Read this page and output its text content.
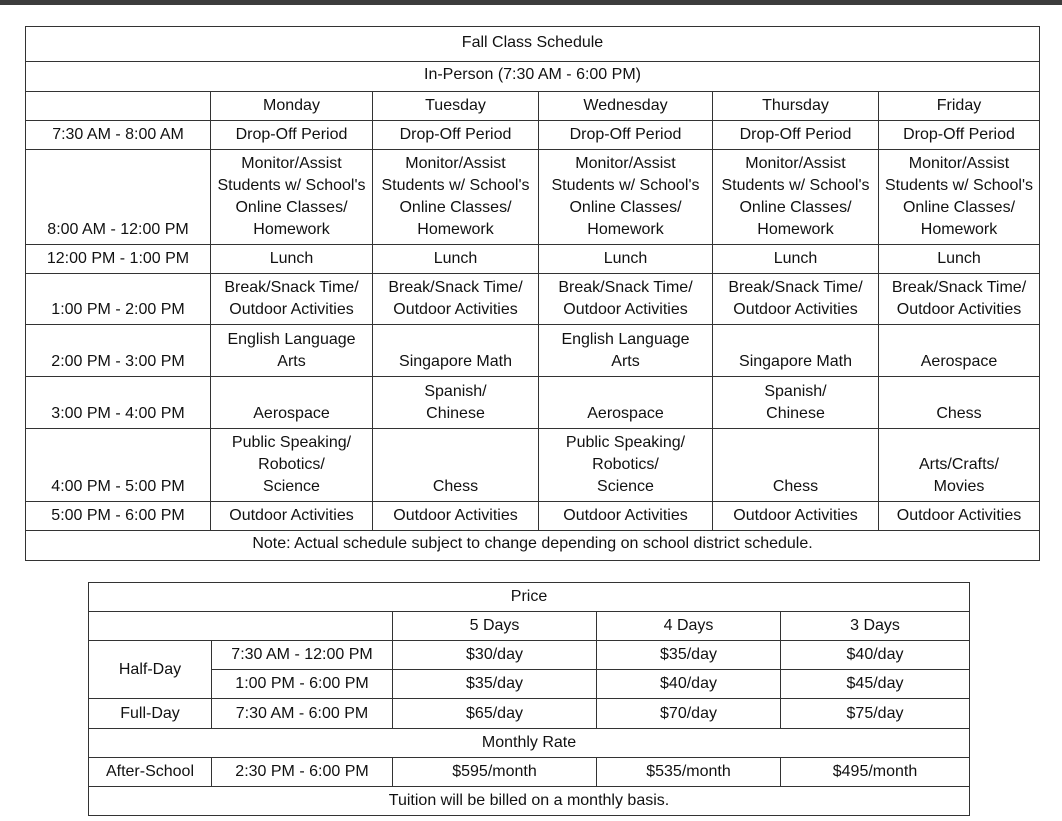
Fall Class Schedule					
In-Person (7:30 AM - 6:00 PM)					
	Monday	Tuesday	Wednesday	Thursday	Friday
7:30 AM - 8:00 AM	Drop-Off Period	Drop-Off Period	Drop-Off Period	Drop-Off Period	Drop-Off Period
8:00 AM - 12:00 PM	Monitor/Assist
Students w/ School's
Online Classes/
Homework	Monitor/Assist
Students w/ School's
Online Classes/
Homework	Monitor/Assist
Students w/ School's
Online Classes/
Homework	Monitor/Assist
Students w/ School's
Online Classes/
Homework	Monitor/Assist
Students w/ School's
Online Classes/
Homework

12:00 PM - 1:00 PM	Lunch	Lunch	Lunch	Lunch	Lunch
1:00 PM - 2:00 PM	Break/Snack Time/
Outdoor Activities	Break/Snack Time/
Outdoor Activities	Break/Snack Time/
Outdoor Activities	Break/Snack Time/
Outdoor Activities	Break/Snack Time/
Outdoor Activities

2:00 PM - 3:00 PM	English Language
Arts	Singapore Math	English Language
Arts	Singapore Math	Aerospace

3:00 PM - 4:00 PM	Aerospace	Spanish/
Chinese	Aerospace	Spanish/
Chinese	Chess

4:00 PM - 5:00 PM	Public Speaking/
Robotics/
Science	Chess	Public Speaking/
Robotics/
Science	Chess	Arts/Crafts/
Movies

5:00 PM - 6:00 PM	Outdoor Activities	Outdoor Activities	Outdoor Activities	Outdoor Activities	Outdoor Activities
Note: Actual schedule subject to change depending on school district schedule.					
Price				
		5 Days	4 Days	3 Days
Half-Day	7:30 AM - 12:00 PM	$30/day	$35/day	$40/day
	1:00 PM - 6:00 PM	$35/day	$40/day	$45/day
Full-Day	7:30 AM - 6:00 PM	$65/day	$70/day	$75/day
Monthly Rate				
After-School	2:30 PM - 6:00 PM	$595/month	$535/month	$495/month
Tuition will be billed on a monthly basis.				
